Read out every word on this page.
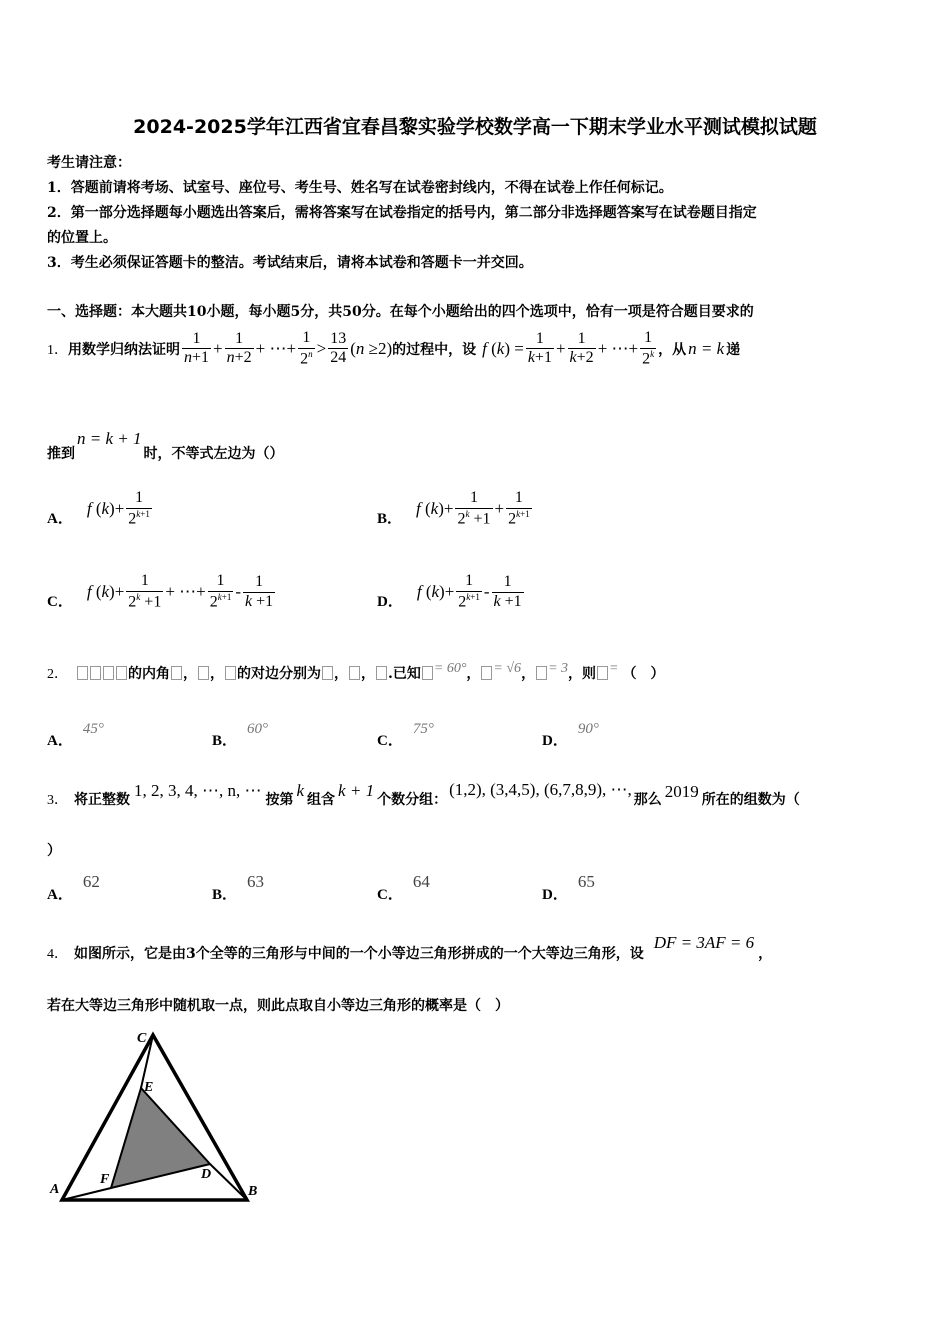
2024-2025学年江西省宜春昌黎实验学校数学高一下期末学业水平测试模拟试题
考生请注意：
1．答题前请将考场、试室号、座位号、考生号、姓名写在试卷密封线内，不得在试卷上作任何标记。
2．第一部分选择题每小题选出答案后，需将答案写在试卷指定的括号内，第二部分非选择题答案写在试卷题目指定
的位置上。
3．考生必须保证答题卡的整洁。考试结束后，请将本试卷和答题卡一并交回。
一、选择题：本大题共10小题，每小题5分，共50分。在每个小题给出的四个选项中，恰有一项是符合题目要求的
1． 用数学归纳法证明 $\frac{1}{n+1} + \frac{1}{n+2}$ + ⋯+ $\frac{1}{2^n} > \frac{13}{24} (n \ge 2)$ 的过程中，设 f $(k) = \frac{1}{k+1} + \frac{1}{k+2}$ + ⋯+ $\frac{1}{2^k}$ ，从 n = k 递
推到
n = k + 1
时，不等式左边为（）
A．
f $(k)+ \frac{1}{2^{k+1}}$	B．
f $(k)+ \frac{1}{2^k +1} + \frac{1}{2^{k+1}}$
C．
f $(k)+ \frac{1}{2^k +1}$ + ⋯+ $\frac{1}{2^{k+1}} - \frac{1}{k +1}$	D．
f $(k)+ \frac{1}{2^{k+1}} - \frac{1}{k +1}$
2．	的内角 ， ， 的对边分别为 ， ， .已知 = 60° ， = √6 ， = 3 ， 则 = （　）
A．
45°
B．
60°
C．
75°
D．
90°
3． 将正整数 1, 2, 3, 4, ⋯, n, ⋯ 按第 k 组含 k + 1 个数分组：
(1,2), (3,4,5), (6,7,8,9), ⋯,
那么 2019 所在的组数为（
）
A．
62
B．
63
C．
64
D．
65
4． 如图所示，它是由3个全等的三角形与中间的一个小等边三角形拼成的一个大等边三角形，设
DF = 3AF = 6
，
若在大等边三角形中随机取一点，则此点取自小等边三角形的概率是（　）
C
E
D
F
A	B
